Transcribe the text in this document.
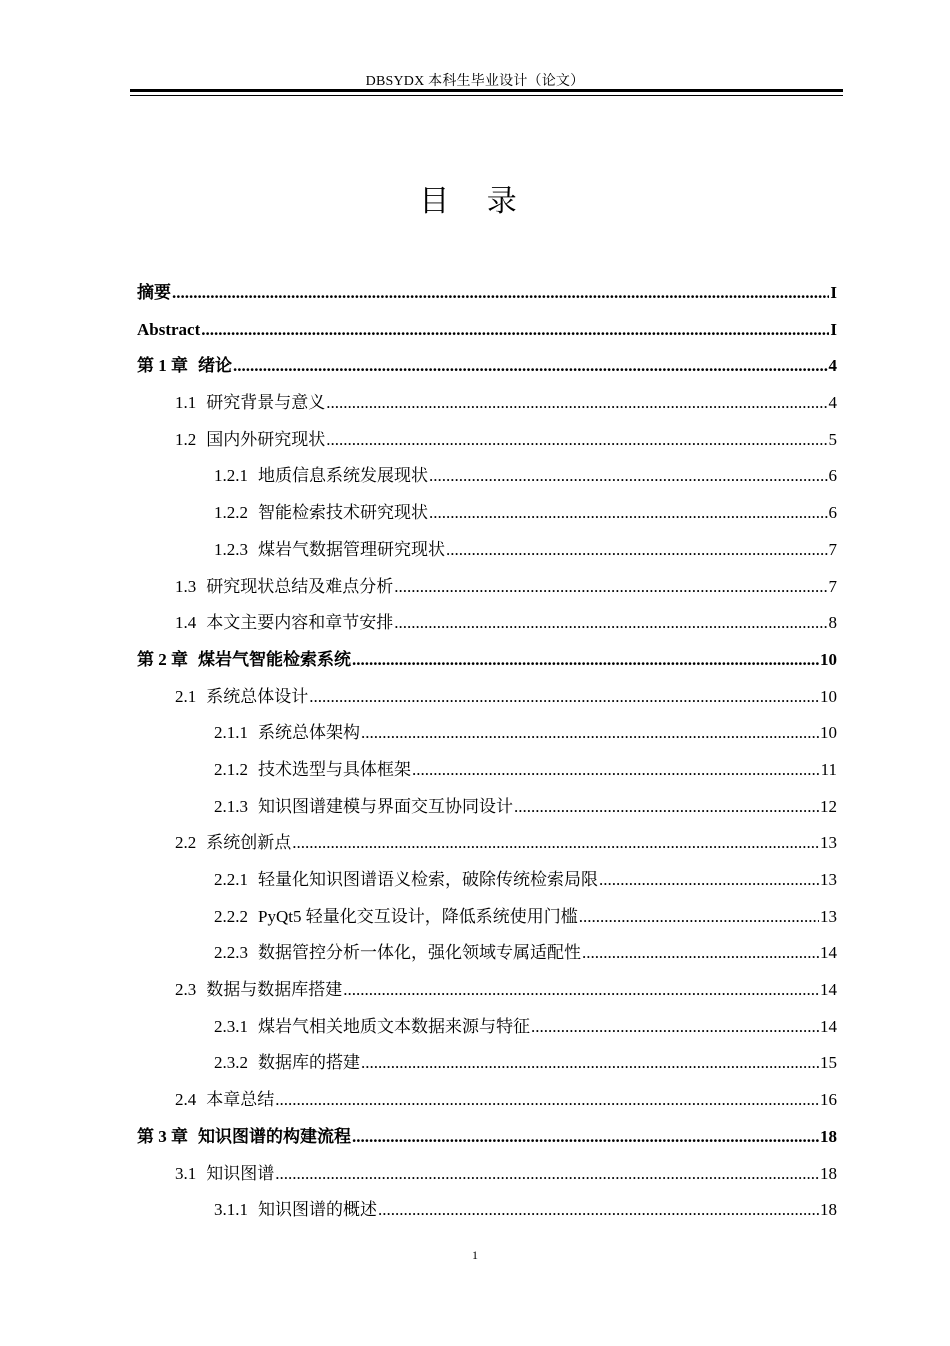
DBSYDX 本科生毕业设计（论文）
目 录
摘要 .....	I
Abstract .....	I
第 1 章 绪论 .....	4
1.1 研究背景与意义 .....	4
1.2 国内外研究现状 .....	5
1.2.1 地质信息系统发展现状 .....	6
1.2.2 智能检索技术研究现状 .....	6
1.2.3 煤岩气数据管理研究现状 .....	7
1.3 研究现状总结及难点分析 .....	7
1.4 本文主要内容和章节安排 .....	8
第 2 章 煤岩气智能检索系统 .....	10
2.1 系统总体设计 .....	10
2.1.1 系统总体架构 .....	10
2.1.2 技术选型与具体框架 .....	11
2.1.3 知识图谱建模与界面交互协同设计 .....	12
2.2 系统创新点 .....	13
2.2.1 轻量化知识图谱语义检索，破除传统检索局限 .....	13
2.2.2 PyQt5 轻量化交互设计，降低系统使用门槛 .....	13
2.2.3 数据管控分析一体化，强化领域专属适配性 .....	14
2.3 数据与数据库搭建 .....	14
2.3.1 煤岩气相关地质文本数据来源与特征 .....	14
2.3.2 数据库的搭建 .....	15
2.4 本章总结 .....	16
第 3 章 知识图谱的构建流程 .....	18
3.1 知识图谱 .....	18
3.1.1 知识图谱的概述 .....	18
1
